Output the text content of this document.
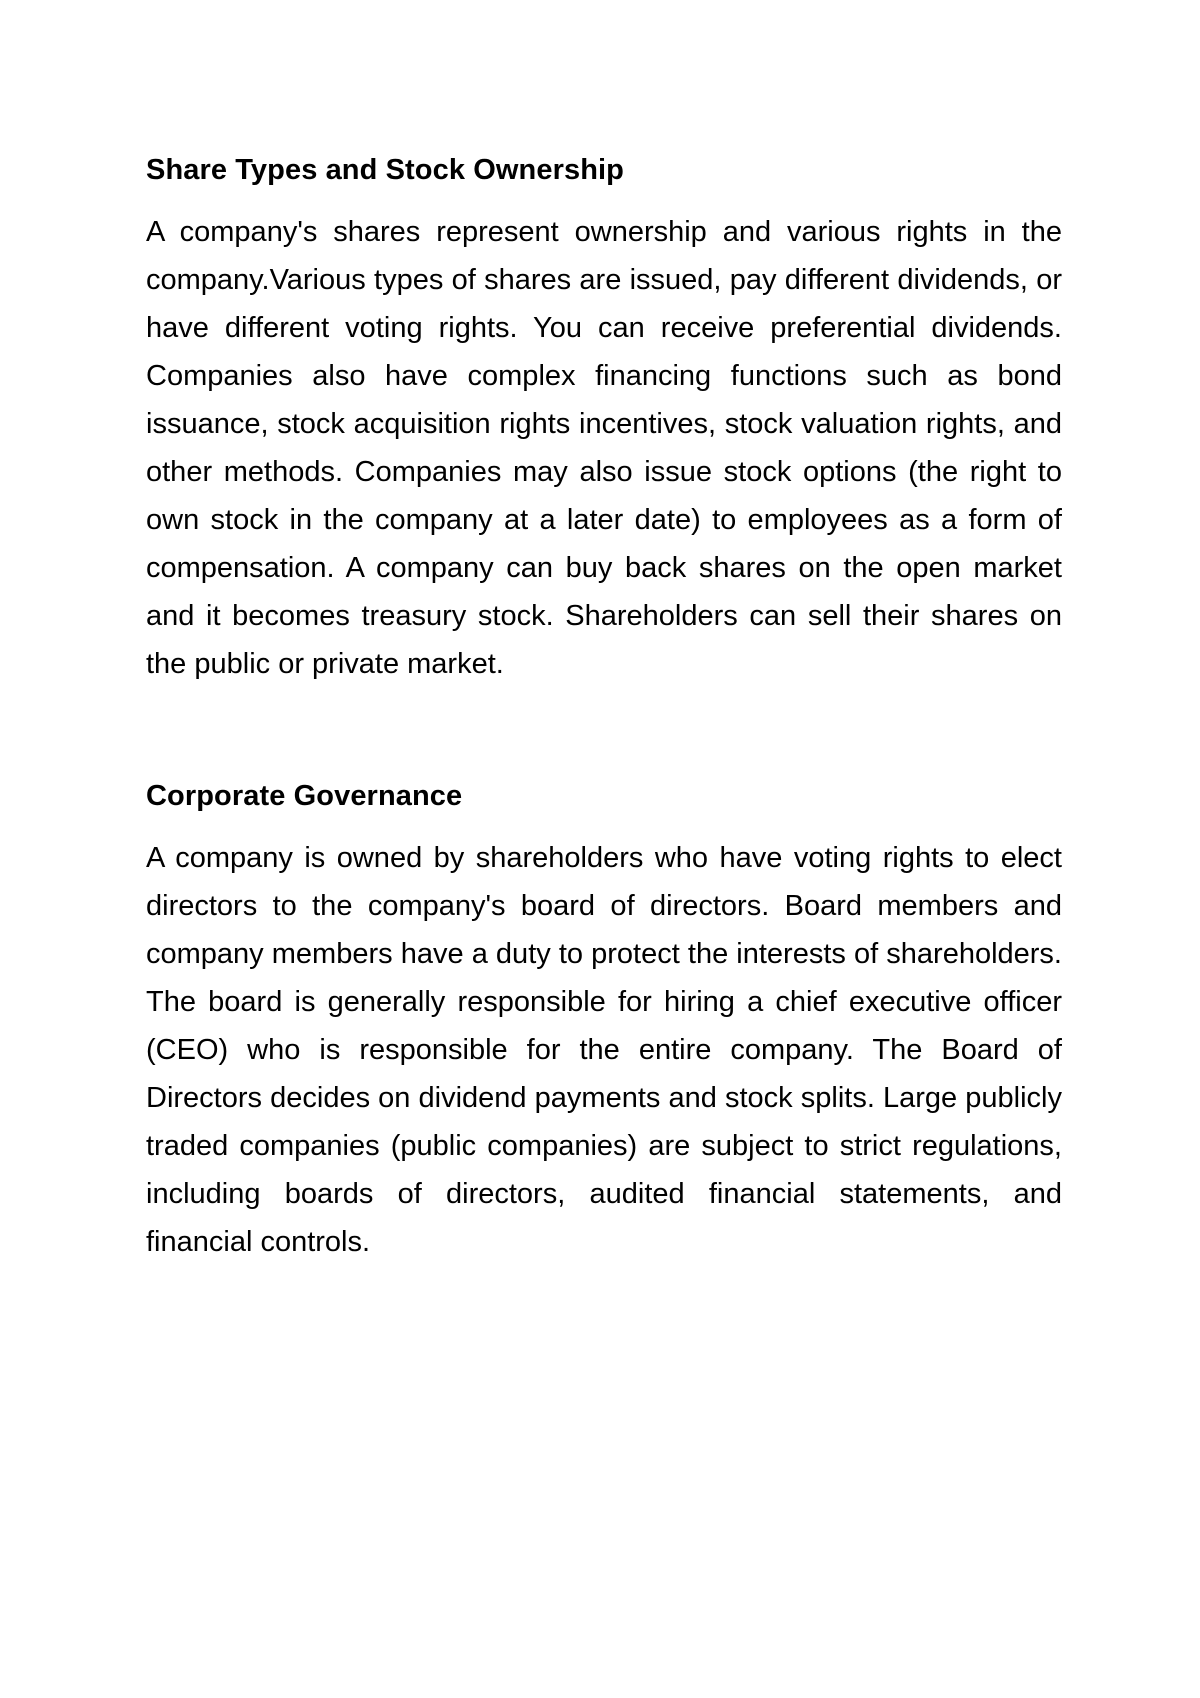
Share Types and Stock Ownership

A company's shares represent ownership and various rights in the company.Various types of shares are issued, pay different dividends, or have different voting rights. You can receive preferential dividends. Companies also have complex financing functions such as bond issuance, stock acquisition rights incentives, stock valuation rights, and other methods. Companies may also issue stock options (the right to own stock in the company at a later date) to employees as a form of compensation. A company can buy back shares on the open market and it becomes treasury stock. Shareholders can sell their shares on the public or private market.

Corporate Governance

A company is owned by shareholders who have voting rights to elect directors to the company's board of directors. Board members and company members have a duty to protect the interests of shareholders. The board is generally responsible for hiring a chief executive officer (CEO) who is responsible for the entire company. The Board of Directors decides on dividend payments and stock splits. Large publicly traded companies (public companies) are subject to strict regulations, including boards of directors, audited financial statements, and financial controls.
